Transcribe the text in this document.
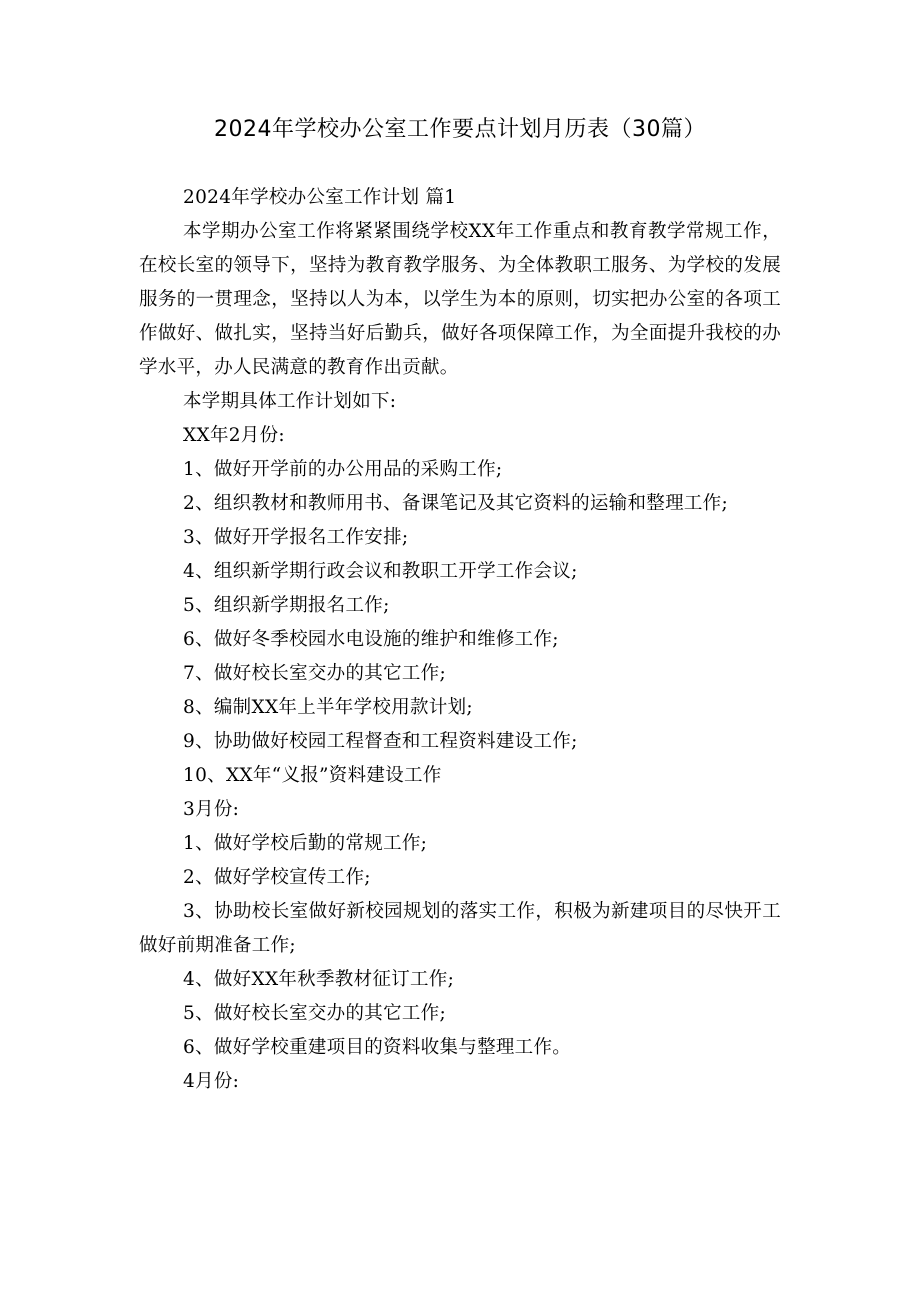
2024年学校办公室工作要点计划月历表（30篇）

2024年学校办公室工作计划 篇1

本学期办公室工作将紧紧围绕学校XX年工作重点和教育教学常规工作，在校长室的领导下，坚持为教育教学服务、为全体教职工服务、为学校的发展服务的一贯理念，坚持以人为本，以学生为本的原则，切实把办公室的各项工作做好、做扎实，坚持当好后勤兵，做好各项保障工作，为全面提升我校的办学水平，办人民满意的教育作出贡献。

本学期具体工作计划如下:

XX年2月份:

1、做好开学前的办公用品的采购工作;

2、组织教材和教师用书、备课笔记及其它资料的运输和整理工作;

3、做好开学报名工作安排;

4、组织新学期行政会议和教职工开学工作会议;

5、组织新学期报名工作;

6、做好冬季校园水电设施的维护和维修工作;

7、做好校长室交办的其它工作;

8、编制XX年上半年学校用款计划;

9、协助做好校园工程督查和工程资料建设工作;

10、XX年“义报”资料建设工作

3月份:

1、做好学校后勤的常规工作;

2、做好学校宣传工作;

3、协助校长室做好新校园规划的落实工作，积极为新建项目的尽快开工做好前期准备工作;

4、做好XX年秋季教材征订工作;

5、做好校长室交办的其它工作;

6、做好学校重建项目的资料收集与整理工作。

4月份:
